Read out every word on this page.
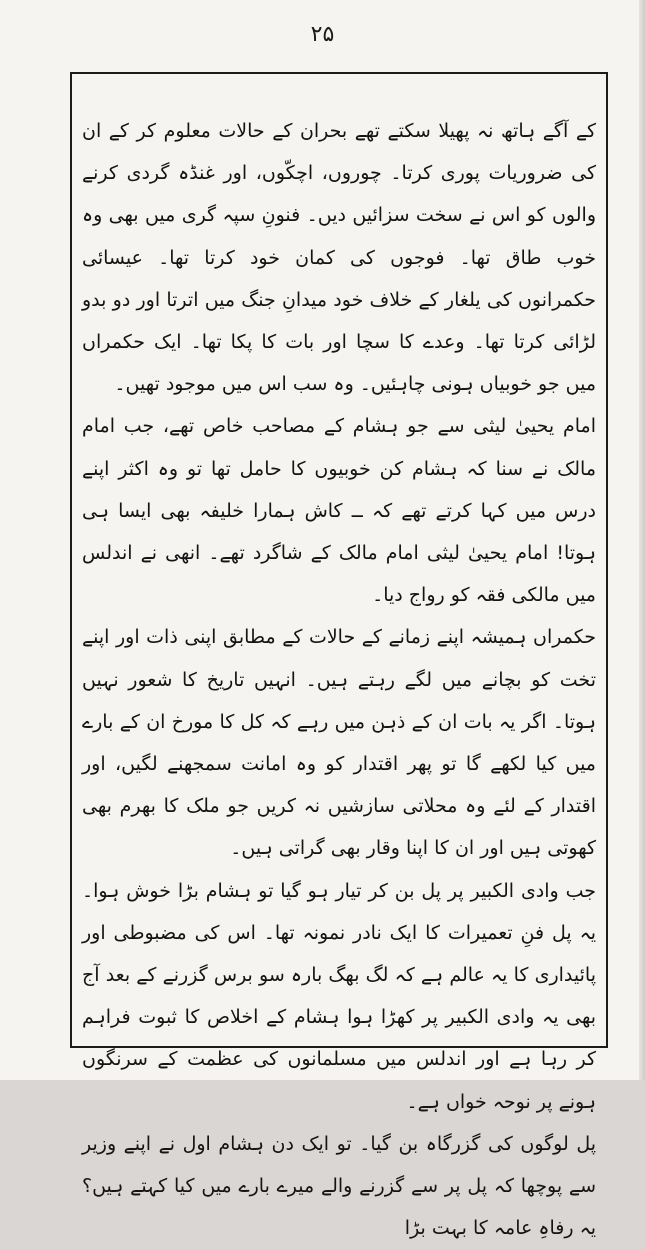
۲۵

کے آگے ہاتھ نہ پھیلا سکتے تھے بحران کے حالات معلوم کر کے ان کی ضروریات پوری کرتا۔ چوروں، اچکّوں، اور غنڈہ گردی کرنے والوں کو اس نے سخت سزائیں دیں۔ فنونِ سپہ گری میں بھی وہ خوب طاق تھا۔ فوجوں کی کمان خود کرتا تھا۔ عیسائی حکمرانوں کی یلغار کے خلاف خود میدانِ جنگ میں اترتا اور دو بدو لڑائی کرتا تھا۔ وعدے کا سچا اور بات کا پکا تھا۔ ایک حکمراں میں جو خوبیاں ہونی چاہئیں۔ وہ سب اس میں موجود تھیں۔

امام یحییٰ لیثی سے جو ہشام کے مصاحب خاص تھے، جب امام مالک نے سنا کہ ہشام کن خوبیوں کا حامل تھا تو وہ اکثر اپنے درس میں کہا کرتے تھے کہ ــ کاش ہمارا خلیفہ بھی ایسا ہی ہوتا! امام یحییٰ لیثی امام مالک کے شاگرد تھے۔ انھی نے اندلس میں مالکی فقہ کو رواج دیا۔

حکمراں ہمیشہ اپنے زمانے کے حالات کے مطابق اپنی ذات اور اپنے تخت کو بچانے میں لگے رہتے ہیں۔ انہیں تاریخ کا شعور نہیں ہوتا۔ اگر یہ بات ان کے ذہن میں رہے کہ کل کا مورخ ان کے بارے میں کیا لکھے گا تو پھر اقتدار کو وہ امانت سمجھنے لگیں، اور اقتدار کے لئے وہ محلاتی سازشیں نہ کریں جو ملک کا بھرم بھی کھوتی ہیں اور ان کا اپنا وقار بھی گراتی ہیں۔

جب وادی الکبیر پر پل بن کر تیار ہو گیا تو ہشام بڑا خوش ہوا۔ یہ پل فنِ تعمیرات کا ایک نادر نمونہ تھا۔ اس کی مضبوطی اور پائیداری کا یہ عالم ہے کہ لگ بھگ بارہ سو برس گزرنے کے بعد آج بھی یہ وادی الکبیر پر کھڑا ہوا ہشام کے اخلاص کا ثبوت فراہم کر رہا ہے اور اندلس میں مسلمانوں کی عظمت کے سرنگوں ہونے پر نوحہ خواں ہے۔

پل لوگوں کی گزرگاہ بن گیا۔ تو ایک دن ہشام اول نے اپنے وزیر سے پوچھا کہ پل پر سے گزرنے والے میرے بارے میں کیا کہتے ہیں؟ یہ رفاہِ عامہ کا بہت بڑا
